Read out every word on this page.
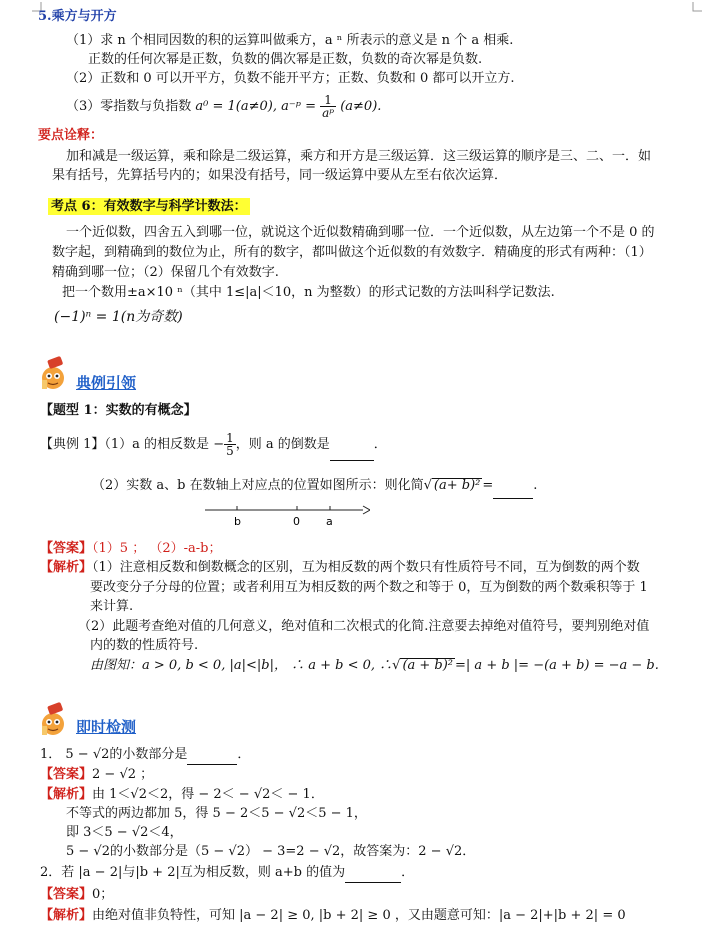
5.乘方与开方
（1）求 n 个相同因数的积的运算叫做乘方，a ⁿ 所表示的意义是 n 个 a 相乘.
正数的任何次幂是正数，负数的偶次幂是正数，负数的奇次幂是负数.
（2）正数和 0 可以开平方，负数不能开平方；正数、负数和 0 都可以开立方.
（3）零指数与负指数 a⁰ = 1(a≠0), a⁻ᵖ = $\frac{1}{\text{aᵖ}} (a\ne 0)$.
要点诠释：
加和减是一级运算，乘和除是二级运算，乘方和开方是三级运算．这三级运算的顺序是三、二、一．如
果有括号，先算括号内的；如果没有括号，同一级运算中要从左至右依次运算．
考点 6：有效数字与科学计数法：
一个近似数，四舍五入到哪一位，就说这个近似数精确到哪一位．一个近似数，从左边第一个不是 0 的
数字起，到精确到的数位为止，所有的数字，都叫做这个近似数的有效数字．精确度的形式有两种：（1）
精确到哪一位；（2）保留几个有效数字.
把一个数用±a×10 ⁿ（其中 1≤|a|＜10，n 为整数）的形式记数的方法叫科学记数法.
(−1)ⁿ = 1(n为奇数)
典例引领
【题型 1：实数的有概念】
【典例 1】（1）a 的相反数是 − $\frac{1}{5}$ ，则 a 的倒数是	．
（2）实数 a、b 在数轴上对应点的位置如图所示：则化简√ (a+ b)² =	.
b	0 a
【答案】（1）5 ； （2）-a-b；
【解析】（1）注意相反数和倒数概念的区别，互为相反数的两个数只有性质符号不同，互为倒数的两个数
要改变分子分母的位置；或者利用互为相反数的两个数之和等于 0，互为倒数的两个数乘积等于 1
来计算.
（2）此题考查绝对值的几何意义，绝对值和二次根式的化简.注意要去掉绝对值符号，要判别绝对值
内的数的性质符号.
由图知：a > 0, b < 0, |a|<|b|， ∴ a + b < 0, ∴√ (a + b)² =| a + b |= −(a + b) = −a − b.
即时检测
1． 5 − √2的小数部分是	．
【答案】2 − √2 ；
【解析】由 1＜√2＜2，得 − 2＜ − √2＜ − 1．
不等式的两边都加 5，得 5 − 2＜5 − √2＜5 − 1，
即 3＜5 − √2＜4，
5 − √2的小数部分是（5 − √2） − 3=2 − √2，故答案为：2 − √2．
2．若 |a − 2|与|b + 2|互为相反数，则 a+b 的值为	．
【答案】0；
【解析】由绝对值非负特性，可知 |a − 2| ≥ 0, |b + 2| ≥ 0 ，又由题意可知：|a − 2|+|b + 2| = 0
